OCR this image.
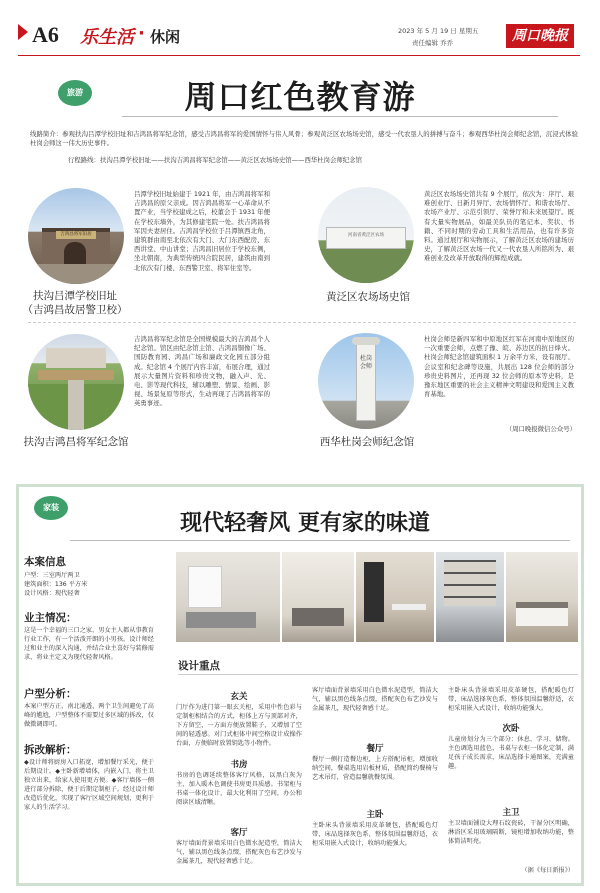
A6 乐生活 · 休闲	2023 年 5 月 19 日 星期五
责任编辑 乔乔	周口晚报
旅游	周口红色教育游
线路简介：参观扶沟吕潭学校旧址和吉鸿昌将军纪念馆，感受吉鸿昌将军的爱国情怀与伟人风骨；参观黄泛区农场场史馆，感受一代农垦人的拼搏与奋斗；参观西华杜岗会师纪念馆，沉浸式体验杜岗会师这一伟大历史事件。
行程路线：扶沟吕潭学校旧址——扶沟吉鸿昌将军纪念馆——黄泛区农场场史馆——西华杜岗会师纪念馆
吉鸿昌将军旧居
扶沟吕潭学校旧址
（吉鸿昌故居警卫校）
吕潭学校旧址始建于 1921 年，由吉鸿昌将军和吉鸿昌的原父亲成。因吉鸿昌将军一心革命从不置产业，当学校建成之后，校董会于 1931 年便在学校东墙外，为其修建宅院一处。扶吉鸿昌将军因夫妻居住。吉鸿昌学校位于吕潭镇西北角，建筑群由南至北依次有大门、大门东西配房、东西讲堂、中山讲堂；吉鸿昌旧居位于学校东侧，坐北朝南，为典型传统四合院民居，建筑由南到北依次有门楼、东西警卫室、将军住室等。
河南省黄泛区农场
黄泛区农场场史馆
黄泛区农场场史馆共有 9 个展厅，依次为：序厅、艰难创业厅、日新月异厅、农场情怀厅、和谐农场厅、农场产业厅、示范引领厅、荣誉厅和未来展望厅。既有大量实物展品，如最美队员的笔记本、奖状、书籍、不同时期的劳动工具和生活用品，也有许多资料。通过展厅和实物展示，了解黄泛区农场的建场历史，了解黄泛区农场一代又一代农垦人所铭所为、艰难创业及改革开放取得的辉煌成就。
扶沟吉鸿昌将军纪念馆
吉鸿昌将军纪念馆是全国规模最大的吉鸿昌个人纪念馆。馆区由纪念馆主馆、吉鸿昌铜像广场、国防教育园、鸿昌广场和廉政文化园五部分组成。纪念馆 4 个展厅内容丰富，布展合理，通过展示大量图片资料和珍贵文物，融入声、光、电、影等现代科技，辅以雕塑、情景、绘画、影视、场景复原等形式，生动再现了吉鸿昌将军的英勇事迹。
杜岗会师
西华杜岗会师纪念馆
杜岗会师是新四军和中原地区红军在河南中原地区的一次重要会师，点燃了豫、皖、苏边区的抗日烽火。杜岗会师纪念馆建筑面积 1 万余平方米，设有展厅、会议室和纪念碑等设施，共展出 128 位会师的部分珍贵史料图片，还再现 32 位会师的原本等史料，是豫东地区重要的社会主义精神文明建设和爱国主义教育基地。
（周口晚报微信公众号）
家装
现代轻奢风 更有家的味道
本案信息
户型：三室两厅两卫
建筑面积：136 平方米
设计风格：现代轻奢
业主情况：
这是一个幸福的三口之家，男女主人都从事教育行业工作，有一个活泼开朗的小男孩。设计师经过和业主的深入沟通，并结合业主喜好与装修需求，将业主定义为现代轻奢风格。
户型分析：
本案户型方正，南北通透，两个卫生间避免了高峰的尴尬，户型整体不需要过多区域的拆改，仅做微调即可。
拆改解析：
◆设计师将厨房入口拓宽，增加餐厅采光，便于后期设计。◆主卧新增墙体，内嵌入门，将主卫独立出来，给家人使用更方便。◆客厅墙体一侧进行部分拆除，便于后期定制柜子。经过设计师改造后优化，实现了客厅区域空间规划，更利于家人的生活学习。
设计重点
玄关
门厅作为进门第一眼玄关柜，采用中性色彩与定制柜相结合的方式，柜体上方与顶部对齐，下方留空，一方面方便放置鞋子，又增加了空间的轻透感。对门式柜体中间空格设计成操作台面，方便临时放置钥匙等小物件。
书房
书房的色调延续整体客厅风格，以黑白灰为主，加入暖木色调使书房更具质感。书架柜与书桌一体化设计，最大化利用了空间，办公和阅读区域清晰。
客厅
客厅墙面背景墙采用白色微水泥造型，简洁大气，辅以黑色线条点缀，搭配灰色布艺沙发与金属茶几，现代轻奢感十足。
客厅墙面背景墙采用白色微水泥造型，简洁大气，辅以黑色线条点缀，搭配灰色布艺沙发与金属茶几，现代轻奢感十足。
餐厅
餐厅一侧打造餐边柜，上方搭配吊柜，增加收纳空间，餐桌选用岩板材质，搭配简约餐椅与艺术吊灯，营造温馨就餐氛围。
主卧
主卧床头背景墙采用皮革硬包，搭配暖色灯带，床品选择灰色系，整体氛围温馨舒适，衣柜采用嵌入式设计，收纳功能强大。
主卧床头背景墙采用皮革硬包，搭配暖色灯带，床品选择灰色系，整体氛围温馨舒适，衣柜采用嵌入式设计，收纳功能强大。
次卧
儿童房划分为三个部分：休息、学习、储物。主色调选用蓝色，书桌与衣柜一体化定制，满足孩子成长需求，床品选择卡通图案，充满童趣。
主卫
主卫墙面铺设大理石纹瓷砖，干湿分区明确，淋浴区采用玻璃隔断，镜柜增加收纳功能，整体简洁明亮。
（据《每日新报》）
